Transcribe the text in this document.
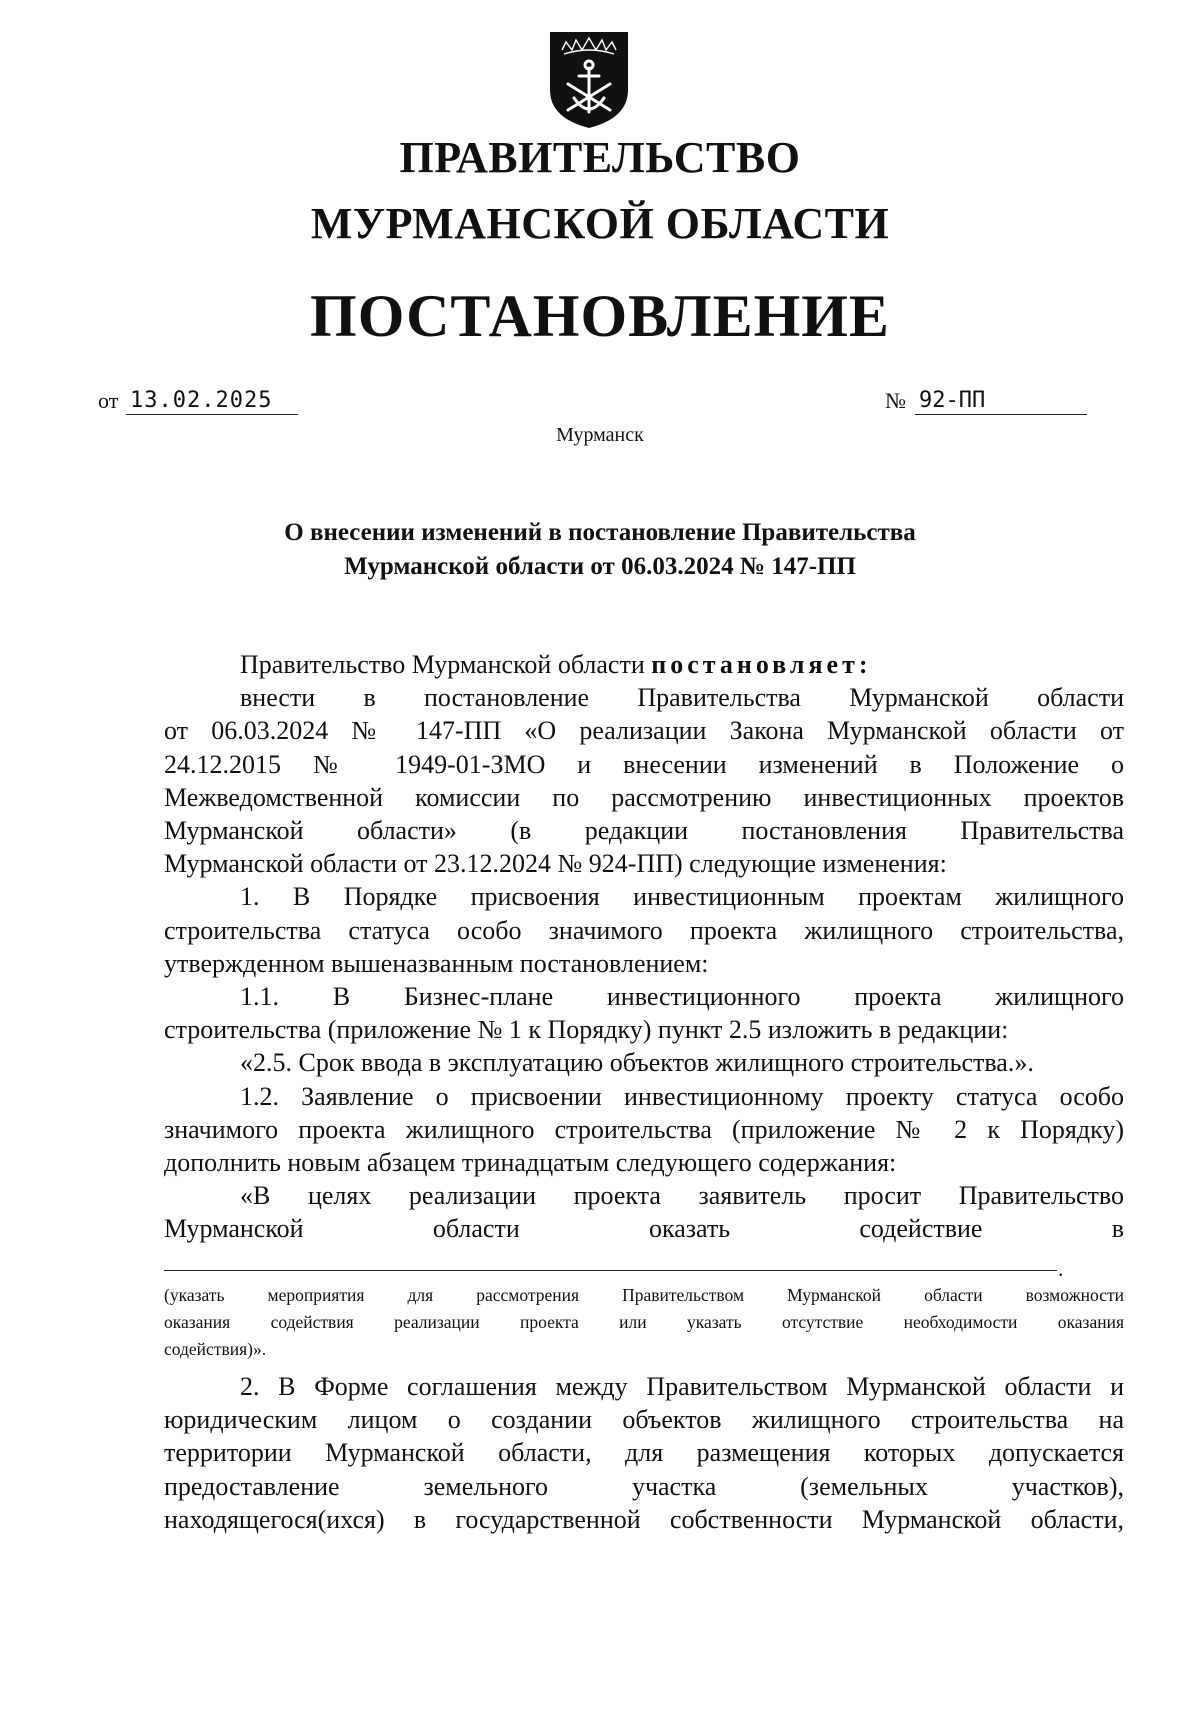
ПРАВИТЕЛЬСТВО
МУРМАНСКОЙ ОБЛАСТИ
ПОСТАНОВЛЕНИЕ
от 13.02.2025	№ 92-ПП
Мурманск
О внесении изменений в постановление Правительства
Мурманской области от 06.03.2024 № 147-ПП
Правительство Мурманской области постановляет:
внести в постановление Правительства Мурманской области
от 06.03.2024 № 147-ПП «О реализации Закона Мурманской области от
24.12.2015 № 1949-01-ЗМО и внесении изменений в Положение о
Межведомственной комиссии по рассмотрению инвестиционных проектов
Мурманской области» (в редакции постановления Правительства
Мурманской области от 23.12.2024 № 924-ПП) следующие изменения:
1. В Порядке присвоения инвестиционным проектам жилищного
строительства статуса особо значимого проекта жилищного строительства,
утвержденном вышеназванным постановлением:
1.1. В Бизнес-плане инвестиционного проекта жилищного
строительства (приложение № 1 к Порядку) пункт 2.5 изложить в редакции:
«2.5. Срок ввода в эксплуатацию объектов жилищного строительства.».
1.2. Заявление о присвоении инвестиционному проекту статуса особо
значимого проекта жилищного строительства (приложение № 2 к Порядку)
дополнить новым абзацем тринадцатым следующего содержания:
«В целях реализации проекта заявитель просит Правительство
Мурманской области оказать содействие в
.
(указать мероприятия для рассмотрения Правительством Мурманской области возможности
оказания содействия реализации проекта или указать отсутствие необходимости оказания
содействия)».
2. В Форме соглашения между Правительством Мурманской области и
юридическим лицом о создании объектов жилищного строительства на
территории Мурманской области, для размещения которых допускается
предоставление земельного участка (земельных участков),
находящегося(ихся) в государственной собственности Мурманской области,
